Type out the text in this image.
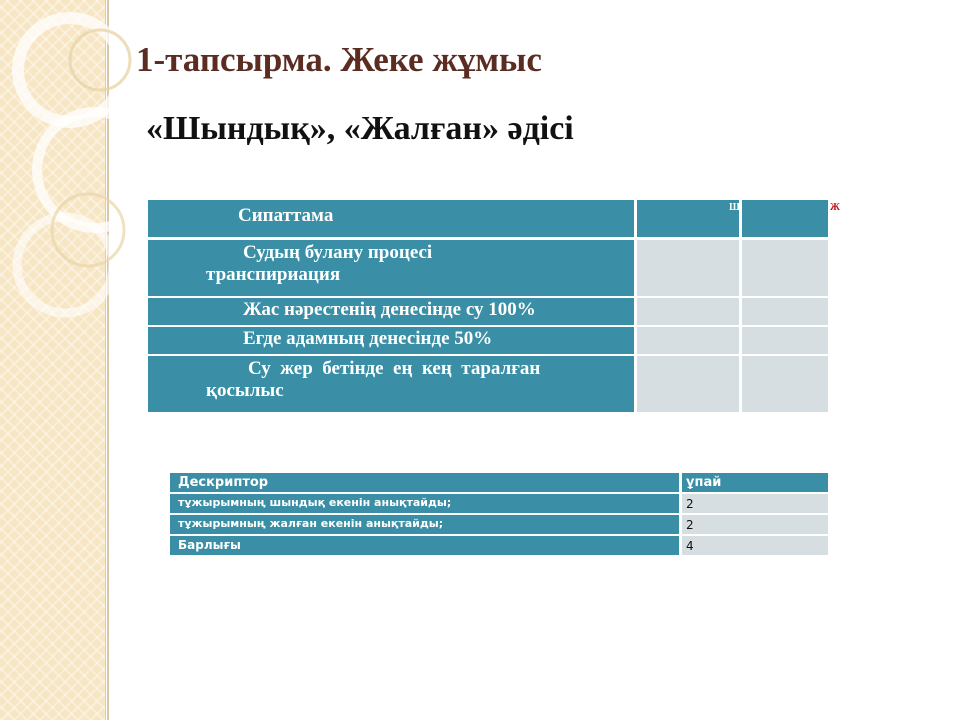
1-тапсырма. Жеке жұмыс
«Шындық», «Жалған» әдісі
Сипаттама	Ш	Ж
Судың булану процесі
транспириация
Жас нәрестенің денесінде су 100%
Егде адамның денесінде 50%
Су  жер  бетінде  ең  кең  таралған
қосылыс
Дескриптор	ұпай
тұжырымның шындық екенін анықтайды;	2
тұжырымның жалған екенін анықтайды;	2
Барлығы	4
